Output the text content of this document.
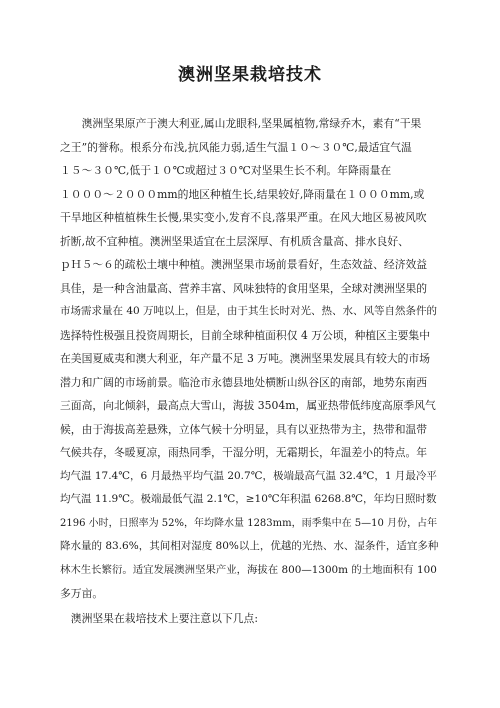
澳洲坚果栽培技术
　　澳洲坚果原产于澳大利亚,属山龙眼科,坚果属植物,常绿乔木，素有“干果
之王”的誉称。根系分布浅,抗风能力弱,适生气温１０～３０℃,最适宜气温
１５～３０℃,低于１０℃或超过３０℃对坚果生长不利。年降雨量在
１０００～２０００mm的地区种植生长,结果较好,降雨量在１０００mm,或
干旱地区种植植株生长慢,果实变小,发育不良,落果严重。在风大地区易被风吹
折断,故不宜种植。澳洲坚果适宜在土层深厚、有机质含量高、排水良好、
ｐＨ５～６的疏松土壤中种植。澳洲坚果市场前景看好，生态效益、经济效益
具佳，是一种含油量高、营养丰富、风味独特的食用坚果，全球对澳洲坚果的
市场需求量在 40 万吨以上，但是，由于其生长时对光、热、水、风等自然条件的
选择特性极强且投资周期长，目前全球种植面积仅 4 万公顷，种植区主要集中
在美国夏威夷和澳大利亚，年产量不足 3 万吨。澳洲坚果发展具有较大的市场
潜力和广阔的市场前景。临沧市永德县地处横断山纵谷区的南部，地势东南西
三面高，向北倾斜，最高点大雪山，海拔 3504m，属亚热带低纬度高原季风气
候，由于海拔高差悬殊，立体气候十分明显，具有以亚热带为主，热带和温带
气候共存，冬暖夏凉，雨热同季，干湿分明，无霜期长，年温差小的特点。年
均气温 17.4℃，6 月最热平均气温 20.7℃，极端最高气温 32.4℃，1 月最冷平
均气温 11.9℃。极端最低气温 2.1℃，≥10℃年积温 6268.8℃，年均日照时数
2196 小时，日照率为 52%，年均降水量 1283mm，雨季集中在 5—10 月份，占年
降水量的 83.6%，其间相对湿度 80%以上，优越的光热、水、湿条件，适宜多种
林木生长繁衍。适宜发展澳洲坚果产业，海拔在 800—1300m 的土地面积有 100
多万亩。
　澳洲坚果在栽培技术上要注意以下几点:
